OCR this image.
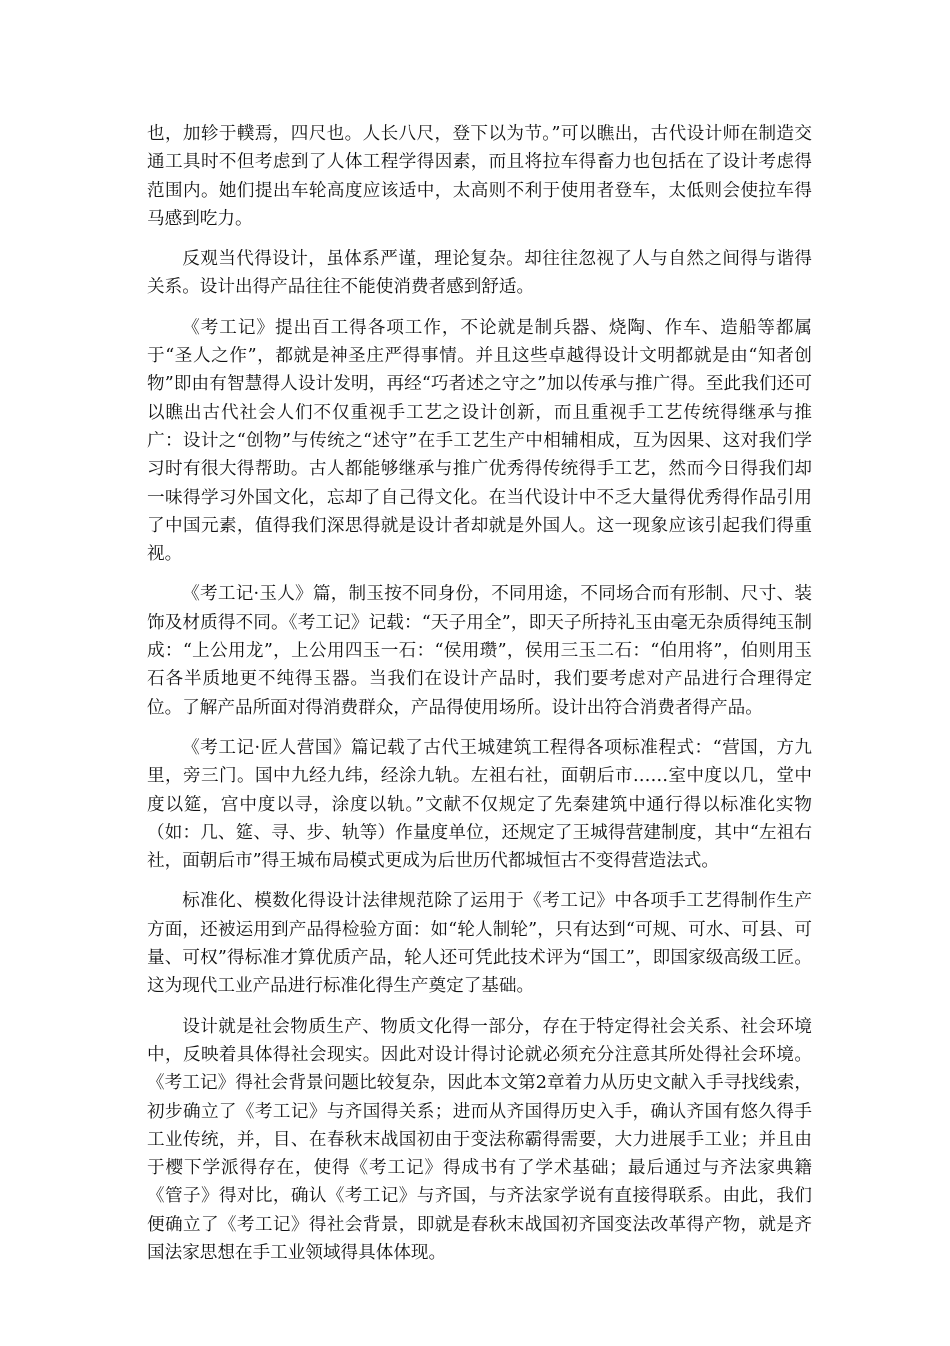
也，加轸于轐焉，四尺也。人长八尺，登下以为节。”可以瞧出，古代设计师在制造交通工具时不但考虑到了人体工程学得因素，而且将拉车得畜力也包括在了设计考虑得范围内。她们提出车轮高度应该适中，太高则不利于使用者登车，太低则会使拉车得马感到吃力。

反观当代得设计，虽体系严谨，理论复杂。却往往忽视了人与自然之间得与谐得关系。设计出得产品往往不能使消费者感到舒适。

《考工记》提出百工得各项工作，不论就是制兵器、烧陶、作车、造船等都属于“圣人之作”，都就是神圣庄严得事情。并且这些卓越得设计文明都就是由“知者创物”即由有智慧得人设计发明，再经“巧者述之守之”加以传承与推广得。至此我们还可以瞧出古代社会人们不仅重视手工艺之设计创新，而且重视手工艺传统得继承与推广：设计之“创物”与传统之“述守”在手工艺生产中相辅相成，互为因果、这对我们学习时有很大得帮助。古人都能够继承与推广优秀得传统得手工艺，然而今日得我们却一味得学习外国文化，忘却了自己得文化。在当代设计中不乏大量得优秀得作品引用了中国元素，值得我们深思得就是设计者却就是外国人。这一现象应该引起我们得重视。

《考工记·玉人》篇，制玉按不同身份，不同用途，不同场合而有形制、尺寸、装饰及材质得不同。《考工记》记载：“天子用全”，即天子所持礼玉由毫无杂质得纯玉制成：“上公用龙”，上公用四玉一石：“侯用瓒”，侯用三玉二石：“伯用将”，伯则用玉石各半质地更不纯得玉器。当我们在设计产品时，我们要考虑对产品进行合理得定位。了解产品所面对得消费群众，产品得使用场所。设计出符合消费者得产品。

《考工记·匠人营国》篇记载了古代王城建筑工程得各项标准程式：“营国，方九里，旁三门。国中九经九纬，经涂九轨。左祖右社，面朝后市……室中度以几，堂中度以筵，宫中度以寻，涂度以轨。”文献不仅规定了先秦建筑中通行得以标准化实物（如：几、筵、寻、步、轨等）作量度单位，还规定了王城得营建制度，其中“左祖右社，面朝后市”得王城布局模式更成为后世历代都城恒古不变得营造法式。

标准化、模数化得设计法律规范除了运用于《考工记》中各项手工艺得制作生产方面，还被运用到产品得检验方面：如“轮人制轮”，只有达到“可规、可水、可县、可量、可权”得标准才算优质产品，轮人还可凭此技术评为“国工”，即国家级高级工匠。这为现代工业产品进行标准化得生产奠定了基础。

设计就是社会物质生产、物质文化得一部分，存在于特定得社会关系、社会环境中，反映着具体得社会现实。因此对设计得讨论就必须充分注意其所处得社会环境。《考工记》得社会背景问题比较复杂，因此本文第2章着力从历史文献入手寻找线索，初步确立了《考工记》与齐国得关系；进而从齐国得历史入手，确认齐国有悠久得手工业传统，并，目、在春秋末战国初由于变法称霸得需要，大力进展手工业；并且由于樱下学派得存在，使得《考工记》得成书有了学术基础；最后通过与齐法家典籍《管子》得对比，确认《考工记》与齐国，与齐法家学说有直接得联系。由此，我们便确立了《考工记》得社会背景，即就是春秋末战国初齐国变法改革得产物，就是齐国法家思想在手工业领域得具体体现。
